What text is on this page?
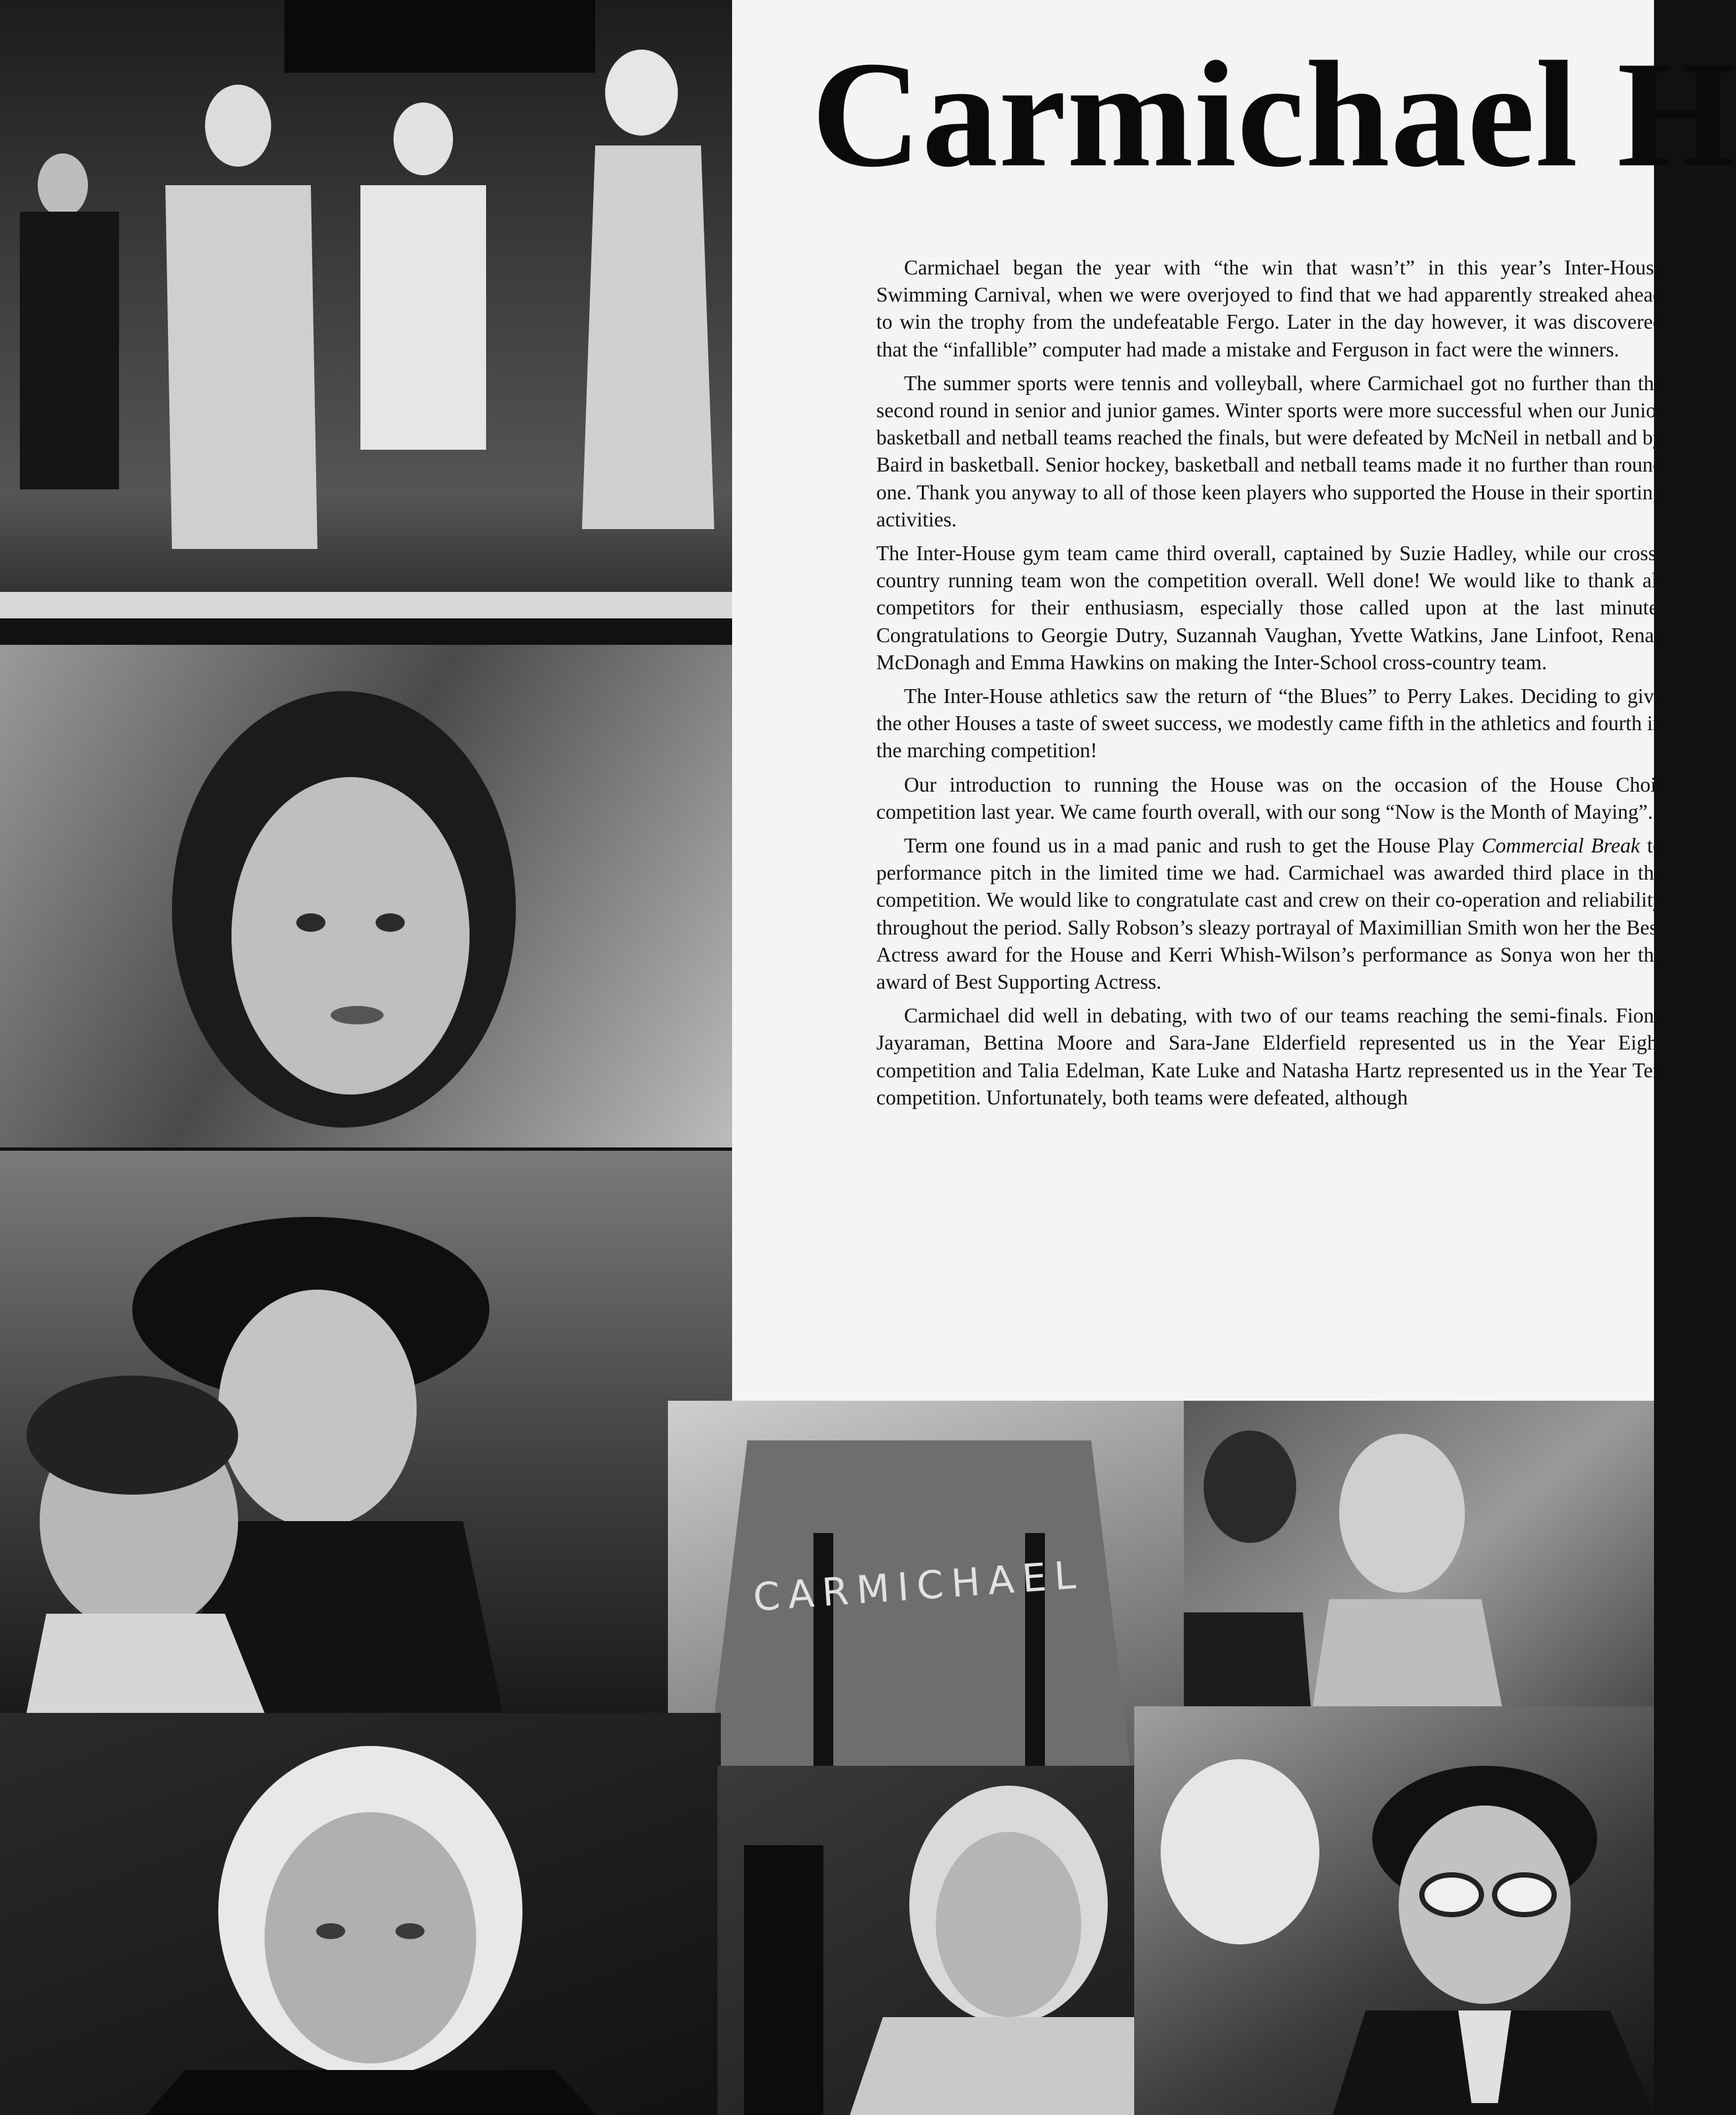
CARMICHAEL
Carmichael H

Carmichael began the year with “the win that wasn’t” in this year’s Inter-House Swimming Carnival, when we were overjoyed to find that we had apparently streaked ahead to win the trophy from the undefeatable Fergo. Later in the day however, it was discovered that the “infallible” computer had made a mistake and Ferguson in fact were the winners.

The summer sports were tennis and volleyball, where Carmichael got no further than the second round in senior and junior games. Winter sports were more successful when our Junior basketball and netball teams reached the finals, but were defeated by McNeil in netball and by Baird in basketball. Senior hockey, basketball and netball teams made it no further than round one. Thank you anyway to all of those keen players who supported the House in their sporting activities.

The Inter-House gym team came third overall, captained by Suzie Hadley, while our cross-country running team won the competition overall. Well done! We would like to thank all competitors for their enthusiasm, especially those called upon at the last minute. Congratulations to Georgie Dutry, Suzannah Vaughan, Yvette Watkins, Jane Linfoot, Renae McDonagh and Emma Hawkins on making the Inter-School cross-country team.

The Inter-House athletics saw the return of “the Blues” to Perry Lakes. Deciding to give the other Houses a taste of sweet success, we modestly came fifth in the athletics and fourth in the marching competition!

Our introduction to running the House was on the occasion of the House Choir competition last year. We came fourth overall, with our song “Now is the Month of Maying”.

Term one found us in a mad panic and rush to get the House Play Commercial Break to performance pitch in the limited time we had. Carmichael was awarded third place in the competition. We would like to congratulate cast and crew on their co-operation and reliability throughout the period. Sally Robson’s sleazy portrayal of Maximillian Smith won her the Best Actress award for the House and Kerri Whish-Wilson’s performance as Sonya won her the award of Best Supporting Actress.

Carmichael did well in debating, with two of our teams reaching the semi-finals. Fiona Jayaraman, Bettina Moore and Sara-Jane Elderfield represented us in the Year Eight competition and Talia Edelman, Kate Luke and Natasha Hartz represented us in the Year Ten competition. Unfortunately, both teams were defeated, although
